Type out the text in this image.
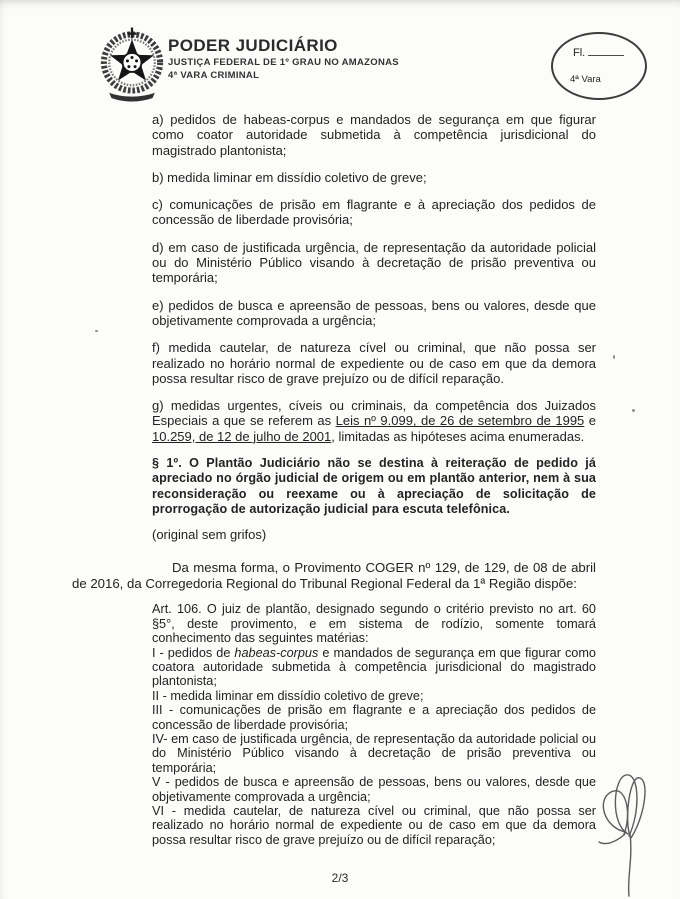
PODER JUDICIÁRIO

JUSTIÇA FEDERAL DE 1º GRAU NO AMAZONAS

4ª VARA CRIMINAL

Fl.
4ª Vara

a) pedidos de habeas-corpus e mandados de segurança em que figurar como coator autoridade submetida à competência jurisdicional do magistrado plantonista;

b) medida liminar em dissídio coletivo de greve;

c) comunicações de prisão em flagrante e à apreciação dos pedidos de concessão de liberdade provisória;

d) em caso de justificada urgência, de representação da autoridade policial ou do Ministério Público visando à decretação de prisão preventiva ou temporária;

e) pedidos de busca e apreensão de pessoas, bens ou valores, desde que objetivamente comprovada a urgência;

f) medida cautelar, de natureza cível ou criminal, que não possa ser realizado no horário normal de expediente ou de caso em que da demora possa resultar risco de grave prejuízo ou de difícil reparação.

g) medidas urgentes, cíveis ou criminais, da competência dos Juizados Especiais a que se referem as Leis nº 9.099, de 26 de setembro de 1995 e 10.259, de 12 de julho de 2001, limitadas as hipóteses acima enumeradas.

§ 1º. O Plantão Judiciário não se destina à reiteração de pedido já apreciado no órgão judicial de origem ou em plantão anterior, nem à sua reconsideração ou reexame ou à apreciação de solicitação de prorrogação de autorização judicial para escuta telefônica.

(original sem grifos)

Da mesma forma, o Provimento COGER nº 129, de 129, de 08 de abril de 2016, da Corregedoria Regional do Tribunal Regional Federal da 1ª Região dispõe:

Art. 106. O juiz de plantão, designado segundo o critério previsto no art. 60 §5°, deste provimento, e em sistema de rodízio, somente tomará conhecimento das seguintes matérias:
I - pedidos de habeas-corpus e mandados de segurança em que figurar como coatora autoridade submetida à competência jurisdicional do magistrado plantonista;
II - medida liminar em dissídio coletivo de greve;
III - comunicações de prisão em flagrante e a apreciação dos pedidos de concessão de liberdade provisória;
IV- em caso de justificada urgência, de representação da autoridade policial ou do Ministério Público visando à decretação de prisão preventiva ou temporária;
V - pedidos de busca e apreensão de pessoas, bens ou valores, desde que objetivamente comprovada a urgência;
VI - medida cautelar, de natureza cível ou criminal, que não possa ser realizado no horário normal de expediente ou de caso em que da demora possa resultar risco de grave prejuízo ou de difícil reparação;
2/3
